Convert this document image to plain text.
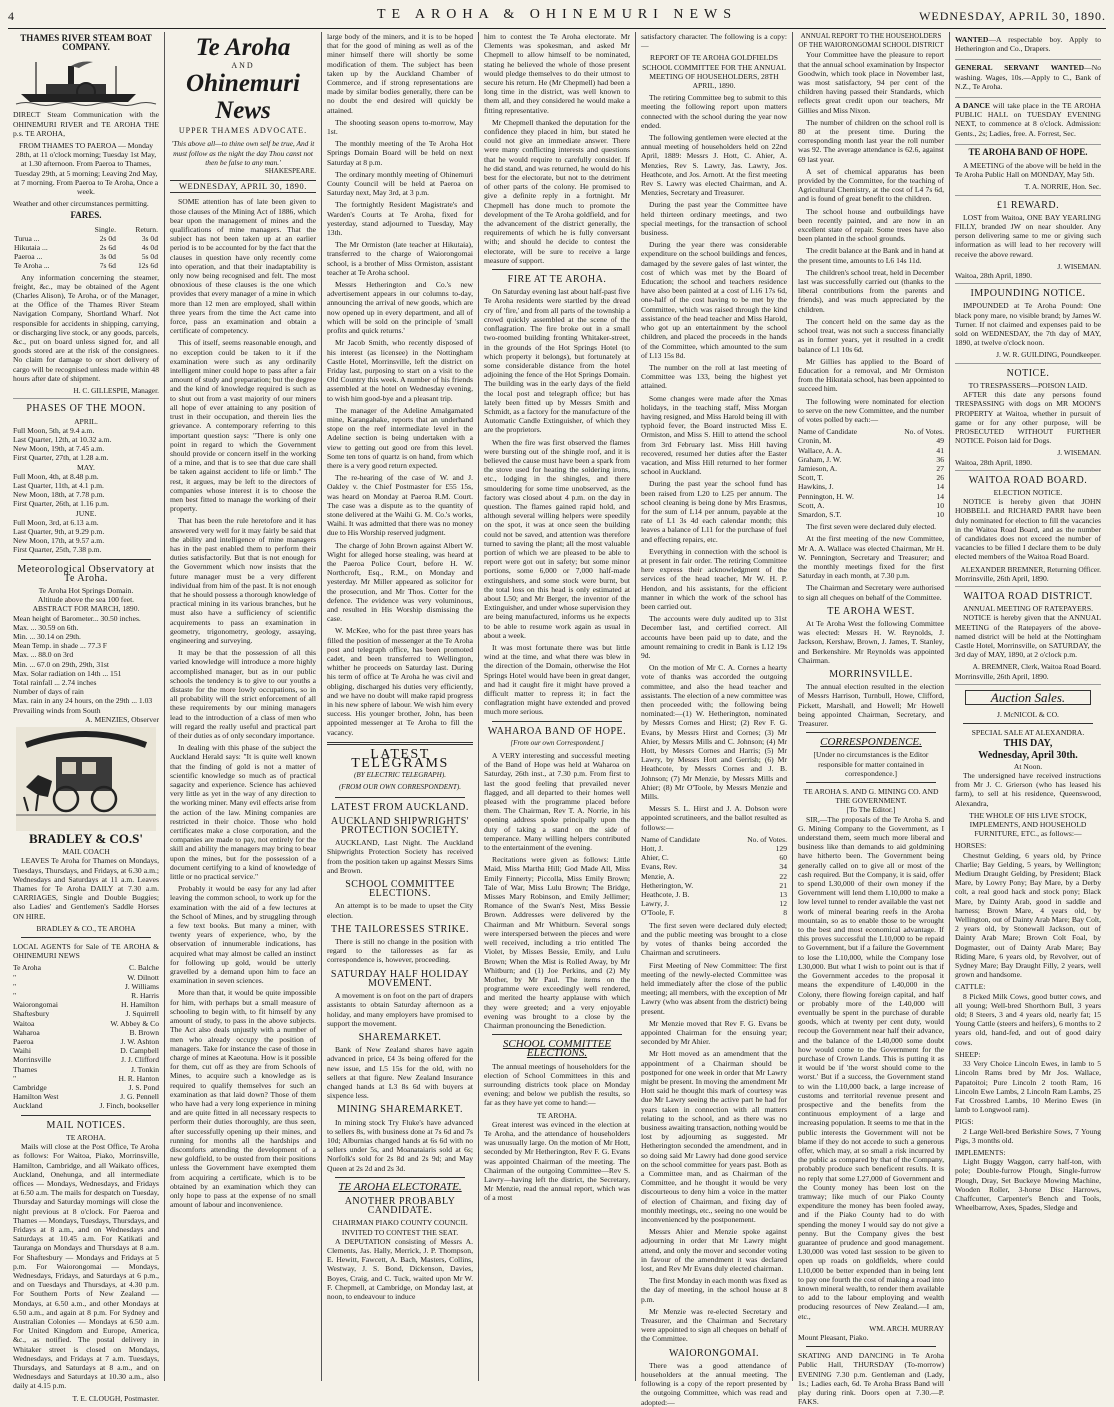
4	TE AROHA & OHINEMURI NEWS	WEDNESDAY, APRIL 30, 1890.
THAMES RIVER STEAM BOAT COMPANY.

DIRECT Steam Communication with the OHINEMURI RIVER and TE AROHA THE p.s. TE AROHA,

FROM THAMES TO PAEROA — Monday 28th, at 11 o'clock morning; Tuesday 1st May, at 1.30 afternoon. From Paeroa to Thames, Tuesday 29th, at 5 morning; Leaving 2nd May, at 7 morning. From Paeroa to Te Aroha, Once a week.

Weather and other circumstances permitting.

FARES.
	Single.	Return.
Turua ...	2s 0d	3s 0d
Hikutaia ...	2s 6d	4s 0d
Paeroa ...	3s 0d	5s 0d
Te Aroha ...	7s 6d	12s 6d

Any information concerning the steamer, freight, &c., may be obtained of the Agent (Charles Alison), Te Aroha, or of the Manager, at the Office of the Thames River Steam Navigation Company, Shortland Wharf. Not responsible for accidents in shipping, carrying, or discharging live stock, or any goods, parcels, &c., put on board unless signed for, and all goods stored are at the risk of the consignees. No claim for damage to or short delivery of cargo will be recognised unless made within 48 hours after date of shipment.

H. C. GILLESPIE, Manager.
PHASES OF THE MOON.
APRIL.
Full Moon, 5th, at 9.4 a.m.
Last Quarter, 12th, at 10.32 a.m.
New Moon, 19th, at 7.45 a.m.
First Quarter, 27th, at 1.28 a.m.
MAY.
Full Moon, 4th, at 8.48 p.m.
Last Quarter, 11th, at 4.1 p.m.
New Moon, 18th, at 7.78 p.m.
First Quarter, 26th, at 1.16 p.m.
JUNE.
Full Moon, 3rd, at 6.13 a.m.
Last Quarter, 9th, at 9.29 p.m.
New Moon, 17th, at 9.57 a.m.
First Quarter, 25th, 7.38 p.m.
Meteorological Observatory at Te Aroha.
Te Aroha Hot Springs Domain.
Altitude above the sea 100 feet.
ABSTRACT FOR MARCH, 1890.
Mean height of Barometer... 30.50 inches.
Max. ... 30.59 on 6th.
Min. ... 30.14 on 29th.
Mean Temp. in shade ... 77.3 F
Max. ... 88.0 on 3rd
Min. ... 67.0 on 29th, 29th, 31st
Max. Solar radiation on 14th ... 151
Total rainfall ... 2.74 inches
Number of days of rain
Max. rain in any 24 hours, on the 29th ... 1.03
Prevailing winds from South
A. MENZIES, Observer
BRADLEY & CO.S'
MAIL COACH

LEAVES Te Aroha for Thames on Mondays, Tuesdays, Thursdays, and Fridays, at 6.30 a.m.; Wednesdays and Saturdays at 11 a.m. Leaves Thames for Te Aroha DAILY at 7.30 a.m. CARRIAGES, Single and Double Buggies; also Ladies' and Gentlemen's Saddle Horses ON HIRE.

BRADLEY & CO., TE AROHA

LOCAL AGENTS for Sale of TE AROHA & OHINEMURI NEWS

Te Aroha	C. Balche
"	W. Dilnott
"	J. Williams
"	R. Harris
Waiorongomai	H. Hamilton
Shaftesbury	J. Squirrell
Waitoa	W. Abbey & Co
Waharoa	B. Brown
Paeroa	J. W. Ashton
Waihi	D. Campbell
Morrinsville	J. J. Clifford
Thames	J. Tonkin
"	H. R. Hanton
Cambridge	J. S. Pond
Hamilton West	J. G. Pennell
Auckland	J. Finch, bookseller
MAIL NOTICES.
TE AROHA.

Mails will close at the Post Office, Te Aroha as follows: For Waitoa, Piako, Morrinsville, Hamilton, Cambridge, and all Waikato offices, Auckland, Onehunga, and all intermediate offices — Mondays, Wednesdays, and Fridays at 6.50 a.m. The mails for despatch on Tuesday, Thursday and Saturday mornings will close the night previous at 8 o'clock. For Paeroa and Thames — Mondays, Tuesdays, Thursdays, and Fridays at 8 a.m., and on Wednesdays and Saturdays at 10.45 a.m. For Katikati and Tauranga on Mondays and Thursdays at 8 a.m. For Shaftesbury — Mondays and Fridays at 5 p.m. For Waiorongomai — Mondays, Wednesdays, Fridays, and Saturdays at 6 p.m., and on Tuesdays and Thursdays, at 4.30 p.m. For Southern Ports of New Zealand — Mondays, at 6.50 a.m., and other Mondays at 6.50 a.m., and again at 8 p.m. For Sydney and Australian Colonies — Mondays at 6.50 a.m. For United Kingdom and Europe, America, &c., as notified. The postal delivery in Whitaker street is closed on Mondays, Wednesdays, and Fridays at 7 a.m. Tuesdays, Thursdays, and Saturdays at 8 a.m., and on Wednesdays and Saturdays at 10.30 a.m., also daily at 4.15 p.m.

T. E. CLOUGH, Postmaster.
Te Aroha
AND
Ohinemuri News
UPPER THAMES ADVOCATE.
'This above all—to thine own self be true, And it must follow as the night the day Thou canst not then be false to any man.'
SHAKESPEARE.
WEDNESDAY, APRIL 30, 1890.

SOME attention has of late been given to those clauses of the Mining Act of 1886, which bear upon the management of mines and the qualifications of mine managers. That the subject has not been taken up at an earlier period is to be accounted for by the fact that the clauses in question have only recently come into operation, and that their inadaptability is only now being recognised and felt. The most obnoxious of these clauses is the one which provides that every manager of a mine in which more than 12 men are employed, shall within three years from the time the Act came into force, pass an examination and obtain a certificate of competency.

This of itself, seems reasonable enough, and no exception could be taken to it if the examination were such as any ordinarily intelligent miner could hope to pass after a fair amount of study and preparation; but the degree and the kind of knowledge required is such as to shut out from a vast majority of our miners all hope of ever attaining to any position of trust in their occupation, and therein lies the grievance. A contemporary referring to this important question says: "There is only one point in regard to which the Government should provide or concern itself in the working of a mine, and that is to see that due care shall be taken against accident to life or limb." The rest, it argues, may be left to the directors of companies whose interest it is to choose the men best fitted to manage the working of their property.

That has been the rule heretofore and it has answered very well for it may fairly be said that the ability and intelligence of mine managers has in the past enabled them to perform their duties satisfactorily. But that is not enough for the Government which now insists that the future manager must be a very different individual from him of the past. It is not enough that he should possess a thorough knowledge of practical mining in its various branches, but he must also have a sufficiency of scientific acquirements to pass an examination in geometry, trigonometry, geology, assaying, engineering and surveying.

It may be that the possession of all this varied knowledge will introduce a more highly accomplished manager, but as in our public schools the tendency is to give to our youths a distaste for the more lowly occupations, so in all probability will the strict enforcement of all these requirements by our mining managers lead to the introduction of a class of men who will regard the really useful and practical part of their duties as of only secondary importance.

In dealing with this phase of the subject the Auckland Herald says: "It is quite well known that the finding of gold is not a matter of scientific knowledge so much as of practical sagacity and experience. Science has achieved very little as yet in the way of any direction to the working miner. Many evil effects arise from the action of the law. Mining companies are restricted in their choice. Those who hold certificates make a close corporation, and the companies are made to pay, not entirely for the skill and ability the managers may bring to bear upon the mines, but for the possession of a document certifying to a kind of knowledge of little or no practical service."

Probably it would be easy for any lad after leaving the common school, to work up for the examination with the aid of a few lectures at the School of Mines, and by struggling through a few text books. But many a miner, with twenty years of experience, who, by the observation of innumerable indications, has acquired what may almost be called an instinct for following up gold, would be utterly gravelled by a demand upon him to face an examination in seven sciences.

More than that, it would be quite impossible for him, with perhaps but a small measure of schooling to begin with, to fit himself by any amount of study, to pass in the above subjects. The Act also deals unjustly with a number of men who already occupy the position of managers. Take for instance the case of those in charge of mines at Kaeotuna. How is it possible for them, cut off as they are from Schools of Mines, to acquire such a knowledge as is required to qualify themselves for such an examination as that laid down? Those of them who have had a very long experience in mining and are quite fitted in all necessary respects to perform their duties thoroughly, are thus seen, after successfully opening up their mines, and running for months all the hardships and discomforts attending the development of a new goldfield, to be ousted from their positions unless the Government have exempted them from acquiring a certificate, which is to be obtained by an examination which they can only hope to pass at the expense of no small amount of labour and inconvenience.

large body of the miners, and it is to be hoped that for the good of mining as well as of the miner himself there will shortly be some modification of them. The subject has been taken up by the Auckland Chamber of Commerce, and if strong representations are made by similar bodies generally, there can be no doubt the end desired will quickly be attained.

The shooting season opens to-morrow, May 1st.

The monthly meeting of the Te Aroha Hot Springs Domain Board will be held on next Saturday at 8 p.m.

The ordinary monthly meeting of Ohinemuri County Council will be held at Paeroa on Saturday next, May 3rd, at 3 p.m.

The fortnightly Resident Magistrate's and Warden's Courts at Te Aroha, fixed for yesterday, stand adjourned to Tuesday, May 13th.

The Mr Ormiston (late teacher at Hikutaia), transferred to the charge of Waiorongomai school, is a brother of Miss Ormiston, assistant teacher at Te Aroha school.

Messrs Hetherington and Co.'s new advertisement appears in our columns to-day, announcing the arrival of new goods, which are now opened up in every department, and all of which will be sold on the principle of 'small profits and quick returns.'

Mr Jacob Smith, who recently disposed of his interest (as licensee) in the Nottingham Castle Hotel, Morrinsville, left the district on Friday last, purposing to start on a visit to the Old Country this week. A number of his friends assembled at the hotel on Wednesday evening, to wish him good-bye and a pleasant trip.

The manager of the Adeline Amalgamated mine, Karangahake, reports that an underhand stope on the reef intermediate level in the Adeline section is being undertaken with a view to getting out good ore from this level. Some ten tons of quartz is on hand, from which there is a very good return expected.

The re-hearing of the case of W. and J. Oakley v. the Chief Postmaster for £55 15s, was heard on Monday at Paeroa R.M. Court. The case was a dispute as to the quantity of stone delivered at the Waihi G. M. Co.'s works, Waihi. It was admitted that there was no money due to His Worship reserved judgment.

The charge of John Brown against Albert W. Wight for alleged horse stealing, was heard at the Paeroa Police Court, before H. W. Northcroft, Esq., R.M., on Monday and yesterday. Mr Miller appeared as solicitor for the prosecution, and Mr Thos. Cotter for the defence. The evidence was very voluminous, and resulted in His Worship dismissing the case.

W. McKee, who for the past three years has filled the position of messenger at the Te Aroha post and telegraph office, has been promoted cadet, and been transferred to Wellington, whither he proceeds on Saturday last. During his term of office at Te Aroha he was civil and obliging, discharged his duties very efficiently, and we have no doubt will make rapid progress in his new sphere of labour. We wish him every success. His younger brother, John, has been appointed messenger at Te Aroha to fill the vacancy.

LATEST TELEGRAMS
(BY ELECTRIC TELEGRAPH).
(FROM OUR OWN CORRESPONDENT).
LATEST FROM AUCKLAND.
AUCKLAND SHIPWRIGHTS' PROTECTION SOCIETY.

AUCKLAND, Last Night. The Auckland Shipwrights Protection Society has received from the position taken up against Messrs Sims and Brown.

SCHOOL COMMITTEE ELECTIONS.

An attempt is to be made to upset the City election.

THE TAILORESSES STRIKE.

There is still no change in the position with regard to the tailoresses as far as correspondence is, however, proceeding.

SATURDAY HALF HOLIDAY MOVEMENT.

A movement is on foot on the part of drapers assistants to obtain Saturday afternoon as a holiday, and many employers have promised to support the movement.

SHAREMARKET.

Bank of New Zealand shares have again advanced in price, £4 3s being offered for the new issue, and L5 15s for the old, with no sellers at that figure. New Zealand Insurance changed hands at L3 8s 6d with buyers at sixpence less.

MINING SHAREMARKET.

In mining stock Try Fluke's have advanced to sellers 8s, with business done at 7s 6d and 7s 10d; Alburnias changed hands at 6s 6d with no sellers under 5s, and Moanataiaris sold at 6s; Norfolk's sold for 2s 8d and 2s 9d; and May Queen at 2s 2d and 2s 3d.

TE AROHA ELECTORATE.
ANOTHER PROBABLY CANDIDATE.
CHAIRMAN PIAKO COUNTY COUNCIL INVITED TO CONTEST THE SEAT.

A DEPUTATION consisting of Messrs A. Clements, Jas. Hally, Merrick, J. P. Thompson, E. Hewitt, Fawcett, A. Bach, Masters, Collins, Westway, J. S. Bond, Dickenson, Davies, Boyes, Craig, and C. Tuck, waited upon Mr W. F. Chepmell, at Cambridge, on Monday last, at noon, to endeavour to induce

him to contest the Te Aroha electorate. Mr Clements was spokesman, and asked Mr Chepmell to allow himself to be nominated, stating he believed the whole of those present would pledge themselves to do their utmost to secure his return. He (Mr Chepmell) had been a long time in the district, was well known to them all, and they considered he would make a fitting representative.

Mr Chepmell thanked the deputation for the confidence they placed in him, but stated he could not give an immediate answer. There were many conflicting interests and questions that he would require to carefully consider. If he did stand, and was returned, he would do his best for the electorate, but not to the detriment of other parts of the colony. He promised to give a definite reply in a fortnight. Mr Chepmell has done much to promote the development of the Te Aroha goldfield, and for the advancement of the district generally, the requirements of which he is fully conversant with; and should he decide to contest the electorate, will be sure to receive a large measure of support.

FIRE AT TE AROHA.

On Saturday evening last about half-past five Te Aroha residents were startled by the dread cry of 'fire,' and from all parts of the township a crowd quickly assembled at the scene of the conflagration. The fire broke out in a small two-roomed building fronting Whitaker-street, in the grounds of the Hot Springs Hotel (to which property it belongs), but fortunately at some considerable distance from the hotel adjoining the fence of the Hot Springs Domain. The building was in the early days of the field the local post and telegraph office; but has lately been fitted up by Messrs Smith and Schmidt, as a factory for the manufacture of the Automatic Candle Extinguisher, of which they are the proprietors.

When the fire was first observed the flames were bursting out of the shingle roof, and it is believed the cause must have been a spark from the stove used for heating the soldering irons, etc., lodging in the shingles, and there smouldering for some time unobserved, as the factory was closed about 4 p.m. on the day in question. The flames gained rapid hold, and although several willing helpers were speedily on the spot, it was at once seen the building could not be saved, and attention was therefore turned to saving the plant; all the most valuable portion of which we are pleased to be able to report were got out in safety; but some minor portions, some 6,000 or 7,000 half-made extinguishers, and some stock were burnt, but the total loss on this head is only estimated at about L50; and Mr Berger, the inventor of the Extinguisher, and under whose supervision they are being manufactured, informs us he expects to be able to resume work again as usual in about a week.

It was most fortunate there was but little wind at the time, and what there was blew in the direction of the Domain, otherwise the Hot Springs Hotel would have been in great danger, and had it caught fire it might have proved a difficult matter to repress it; in fact the conflagration might have extended and proved much more serious.

WAHAROA BAND OF HOPE.
[From our own Correspondent.]

A VERY interesting and successful meeting of the Band of Hope was held at Waharoa on Saturday, 26th inst., at 7.30 p.m. From first to last the good feeling that prevailed never flagged, and all departed to their homes well pleased with the programme placed before them. The Chairman, Rev T. A. Norrie, in his opening address spoke principally upon the duty of taking a stand on the side of temperance. Many willing helpers contributed to the entertainment of the evening.

Recitations were given as follows: Little Maid, Miss Martha Hill; God Made All, Miss Emily Finnerty; Piccolla, Miss Emily Brown; Tale of War, Miss Lulu Brown; The Bridge, Misses Mary Robinson, and Emily Jellimer; Romance of the Swan's Nest, Miss Bessie Brown. Addresses were delivered by the Chairman and Mr Whitburn. Several songs were interspersed between the pieces and were well received, including a trio entitled The Violet, by Misses Bessie, Emily, and Lulu Brown; When the Mist is Rolled Away, by Mr Whitburn; and (1) Joe Perkins, and (2) My Mother, by Mr Paul. The items on the programme were exceedingly well rendered, and merited the hearty applause with which they were greeted; and a very enjoyable evening was brought to a close by the Chairman pronouncing the Benediction.

SCHOOL COMMITTEE ELECTIONS.

The annual meetings of householders for the election of School Committees in this and surrounding districts took place on Monday evening; and below we publish the results, so far as they have yet come to hand:—

TE AROHA.

Great interest was evinced in the election at Te Aroha, and the attendance of householders was unusually large. On the motion of Mr Hott, seconded by Mr Hetherington, Rev F. G. Evans was appointed Chairman of the meeting. The Chairman of the outgoing Committee—Rev S. Lawry—having left the district, the Secretary, Mr Menzie, read the annual report, which was of a most

satisfactory character. The following is a copy:—

REPORT OF TE AROHA GOLDFIELDS SCHOOL COMMITTEE FOR THE ANNUAL MEETING OF HOUSEHOLDERS, 28TH APRIL, 1890.

The retiring Committee beg to submit to this meeting the following report upon matters connected with the school during the year now ended.

The following gentlemen were elected at the annual meeting of householders held on 22nd April, 1889: Messrs J. Hott, C. Ahier, A. Menzies, Rev S. Lawry, Jas. Lawry, Jos. Heathcote, and Jos. Arnott. At the first meeting Rev S. Lawry was elected Chairman, and A. Menzies, Secretary and Treasurer.

During the past year the Committee have held thirteen ordinary meetings, and two special meetings, for the transaction of school business.

During the year there was considerable expenditure on the school buildings and fences, damaged by the severe gales of last winter, the cost of which was met by the Board of Education; the school and teachers residence have also been painted at a cost of L16 17s 6d, one-half of the cost having to be met by the Committee, which was raised through the kind assistance of the head teacher and Miss Harold, who got up an entertainment by the school children, and placed the proceeds in the hands of the Committee, which amounted to the sum of L13 15s 8d.

The number on the roll at last meeting of Committee was 133, being the highest yet attained.

Some changes were made after the Xmas holidays, in the teaching staff, Miss Morgan having resigned, and Miss Harold being ill with typhoid fever, the Board instructed Miss E. Ormiston, and Miss S. Hill to attend the school from 3rd February last. Miss Hill having recovered, resumed her duties after the Easter vacation, and Miss Hill returned to her former school in Auckland.

During the past year the school fund has been raised from L20 to L25 per annum. The school cleaning is being done by Mrs Erasmus, for the sum of L14 per annum, payable at the rate of L1 3s 4d each calendar month; this leaves a balance of L11 for the purchase of fuel and effecting repairs, etc.

Everything in connection with the school is at present in fair order. The retiring Committee here express their acknowledgment of the services of the head teacher, Mr W. H. P. Hendon, and his assistants, for the efficient manner in which the work of the school has been carried out.

The accounts were duly audited up to 31st December last, and certified correct. All accounts have been paid up to date, and the amount remaining to credit in Bank is L12 19s 9d.

On the motion of Mr C. A. Cornes a hearty vote of thanks was accorded the outgoing committee, and also the head teacher and assistants. The election of a new committee was then proceeded with; the following being nominated:—(1) W. Hetherington, nominated by Messrs Cornes and Hirst; (2) Rev F. G. Evans, by Messrs Hirst and Cornes; (3) Mr Ahier, by Messrs Mills and C. Johnson; (4) Mr Hott, by Messrs Cornes and Harris; (5) Mr Lawry, by Messrs Hott and Gerrish; (6) Mr Heathcote, by Messrs Cornes and J. B. Johnson; (7) Mr Menzie, by Messrs Mills and Ahier; (8) Mr O'Toole, by Messrs Menzie and Mills.

Messrs S. L. Hirst and J. A. Dobson were appointed scrutineers, and the ballot resulted as follows:—

Name of Candidate	No. of Votes.
Hott, J.	129
Ahier, C.	60
Evans, Rev.	34
Menzie, A.	22
Hetherington, W.	21
Heathcote, J. B.	13
Lawry, J.	12
O'Toole, F.	8

The first seven were declared duly elected; and the public meeting was brought to a close by votes of thanks being accorded the Chairman and scrutineers.

First Meeting of New Committee: The first meeting of the newly-elected Committee was held immediately after the close of the public meeting; all members, with the exception of Mr Lawry (who was absent from the district) being present.

Mr Menzie moved that Rev F. G. Evans be appointed Chairman for the ensuing year; seconded by Mr Ahier.

Mr Hott moved as an amendment that the appointment of a Chairman should be postponed for one week in order that Mr Lawry might be present. In moving the amendment Mr Hott said he thought this mark of courtesy was due Mr Lawry seeing the active part he had for years taken in connection with all matters relating to the school, and as there was no business awaiting transaction, nothing would be lost by adjourning as suggested. Mr Hetherington seconded the amendment, and in so doing said Mr Lawry had done good service on the school committee for years past. Both as a Committee man, and as Chairman of the Committee, and he thought it would be very discourteous to deny him a voice in the matter of election of Chairman, and fixing day of monthly meetings, etc., seeing no one would be inconvenienced by the postponement.

Messrs Ahier and Menzie spoke against adjourning in order that Mr Lawry might attend, and only the mover and seconder voting in favour of the amendment it was declared lost, and Rev Mr Evans duly elected chairman.

The first Monday in each month was fixed as the day of meeting, in the school house at 8 p.m.

Mr Menzie was re-elected Secretary and Treasurer, and the Chairman and Secretary were appointed to sign all cheques on behalf of the Committee.

WAIORONGOMAI.

There was a good attendance of householders at the annual meeting. The following is a copy of the report presented by the outgoing Committee, which was read and adopted:—

ANNUAL REPORT TO THE HOUSEHOLDERS OF THE WAIORONGOMAI SCHOOL DISTRICT

Your Committee have the pleasure to report that the annual school examination by Inspector Goodwin, which took place in November last, was most satisfactory, 94 per cent of the children having passed their Standards, which reflects great credit upon our teachers, Mr Gillies and Miss Nixon.

The number of children on the school roll is 80 at the present time. During the corresponding month last year the roll number was 92. The average attendance is 62.6, against 69 last year.

A set of chemical apparatus has been provided by the Committee, for the teaching of Agricultural Chemistry, at the cost of L4 7s 6d, and is found of great benefit to the children.

The school house and outbuildings have been recently painted, and are now in an excellent state of repair. Some trees have also been planted in the school grounds.

The credit balance at the Bank and in hand at the present time, amounts to L6 14s 11d.

The children's school treat, held in December last was successfully carried out (thanks to the liberal contributions from the parents and friends), and was much appreciated by the children.

The concert held on the same day as the school treat, was not such a success financially as in former years, yet it resulted in a credit balance of L1 10s 6d.

Mr Gillies has applied to the Board of Education for a removal, and Mr Ormiston from the Hikutaia school, has been appointed to succeed him.

The following were nominated for election to serve on the new Committee, and the number of votes polled by each:—

Name of Candidate	No. of Votes.
Cronin, M.	49
Wallace, A. A.	41
Graham, J. W.	36
Jamieson, A.	27
Scott, T.	26
Hawkins, J.	14
Pennington, H. W.	14
Scott, A.	10
Smardon, S.T.	10

The first seven were declared duly elected.

At the first meeting of the new Committee, Mr A. A. Wallace was elected Chairman, Mr H. W. Pennington, Secretary and Treasurer; and the monthly meetings fixed for the first Saturday in each month, at 7.30 p.m.

The Chairman and Secretary were authorised to sign all cheques on behalf of the Committee.

TE AROHA WEST.

At Te Aroha West the following Committee was elected: Messrs H. W. Reynolds, J. Jackson, Kershaw, Brown, J. James, T. Stanley, and Berkenshire. Mr Reynolds was appointed Chairman.

MORRINSVILLE.

The annual election resulted in the election of Messrs Harrison, Turnbull, Howe, Clifford, Pickett, Marshall, and Howell; Mr Howell being appointed Chairman, Secretary, and Treasurer.

CORRESPONDENCE.
[Under no circumstances is the Editor responsible for matter contained in correspondence.]
TE AROHA S. AND G. MINING CO. AND THE GOVERNMENT.
[To The Editor.]

SIR,—The proposals of the Te Aroha S. and G. Mining Company to the Government, as I understand them, seem much more liberal and business like than demands to aid goldmining have hitherto been. The Government being generally called on to give all or most of the cash required. But the Company, it is said, offer to spend L30,000 of their own money if the Government will lend them L10,000 to make a low level tunnel to render available the vast net work of mineral bearing reefs in the Aroha mountain, so as to enable those to be wrought to the best and most economical advantage. If this proves successful the L10,000 to be repaid to Government, but if a failure the Government to lose the L10,000, while the Company lose L30,000. But what I wish to point out is that if the Government accedes to the proposal it means the expenditure of L40,000 in the Colony, there flowing foreign capital, and half or probably more of the L40,000 will eventually be spent in the purchase of durable goods, which at twenty per cent duty, would recoup the Government near half their advance, and the balance of the L40,000 some doubt how would come to the Government for the purchase of Crown Lands. This is putting it as it would be if 'the worst should come to the worst.' But if a success, the Government stand to win the L10,000 back, a large increase of customs and territorial revenue present and prospective and the benefits from the continuous employment of a large and increasing population. It seems to me that in the public interests the Government will not be blame if they do not accede to such a generous offer, which may, at so small a risk incurred by the public as compared by that of the Company, probably produce such beneficent results. It is no reply that some L27,000 of Government and the County money has been lost on the tramway; like much of our Piako County expenditure the money has been fooled away, and if the Piako County had to do with spending the money I would say do not give a penny. But the Company gives the best guarantee of prudence and good management. L30,000 was voted last session to be given to open up roads on goldfields, where could L10,000 be better expended than in being lent to pay one fourth the cost of making a road into known mineral wealth, to render them available to add to the labour employing and wealth producing resources of New Zealand.—I am, etc.,

WM. ARCH. MURRAY
Mount Pleasant, Piako.

SKATING AND DANCING in Te Aroha Public Hall, THURSDAY (To-morrow) EVENING 7.30 p.m. Gentleman and (Lady, 1s.; Ladies each, 6d. Te Aroha Brass Band will play during rink. Doors open at 7.30.—P. FAKS.

WANTED—A respectable boy. Apply to Hetherington and Co., Drapers.

GENERAL SERVANT WANTED—No washing. Wages, 10s.—Apply to C., Bank of N.Z., Te Aroha.

A DANCE will take place in the TE AROHA PUBLIC HALL on TUESDAY EVENING NEXT, to commence at 8 o'clock. Admission: Gents., 2s; Ladies, free. A. Forrest, Sec.

TE AROHA BAND OF HOPE.

A MEETING of the above will be held in the Te Aroha Public Hall on MONDAY, May 5th.

T. A. NORRIE, Hon. Sec.
£1 REWARD.

LOST from Waitoa, ONE BAY YEARLING FILLY, branded JW on near shoulder. Any person delivering same to me or giving such information as will lead to her recovery will receive the above reward.

J. WISEMAN.
Waitoa, 28th April, 1890.
IMPOUNDING NOTICE.

IMPOUNDED at Te Aroha Pound: One black pony mare, no visible brand; by James W. Turner. If not claimed and expenses paid to be sold on WEDNESDAY, the 7th day of MAY, 1890, at twelve o'clock noon.

J. W. R. GUILDING, Poundkeeper.
NOTICE.
TO TRESPASSERS—POISON LAID.

AFTER this date any persons found TRESPASSING with dogs on MR MOON'S PROPERTY at Waitoa, whether in pursuit of game or for any other purpose, will be PROSECUTED WITHOUT FURTHER NOTICE. Poison laid for Dogs.

J. WISEMAN.
Waitoa, 28th April, 1890.
WAITOA ROAD BOARD.
ELECTION NOTICE.

NOTICE is hereby given that JOHN HOBBELL and RICHARD PARR have been duly nominated for election to fill the vacancies in the Waitoa Road Board, and as the number of candidates does not exceed the number of vacancies to be filled I declare them to be duly elected members of the Waitoa Road Board.

ALEXANDER BREMNER, Returning Officer.
Morrinsville, 26th April, 1890.
WAITOA ROAD DISTRICT.
ANNUAL MEETING OF RATEPAYERS.

NOTICE is hereby given that the ANNUAL MEETING of the Ratepayers of the above-named district will be held at the Nottingham Castle Hotel, Morrinsville, on SATURDAY, the 3rd day of MAY, 1890, at 2 o'clock p.m.

A. BREMNER, Clerk, Waitoa Road Board.
Morrinsville, 26th April, 1890.
Auction Sales.
J. McNICOL & CO.
SPECIAL SALE AT ALEXANDRA.
THIS DAY,
Wednesday, April 30th.
At Noon.

The undersigned have received instructions from Mr J. C. Grierson (who has leased his farm), to sell at his residence, Queenswood, Alexandra,

THE WHOLE OF HIS LIVE STOCK, IMPLEMENTS, AND HOUSEHOLD FURNITURE, ETC., as follows:—

HORSES:

Chestnut Gelding, 6 years old, by Prince Charlie; Bay Gelding, 5 years, by Wellington; Medium Draught Gelding, by President; Black Mare, by Lowry Pony; Bay Mare, by a Derby colt, a real good hack and stock pony; Black Mare, by Dainty Arab, good in saddle and harness; Brown Mare, 4 years old, by Wellington, out of Dainty Arab Mare; Bay Colt, 2 years old, by Stonewall Jackson, out of Dainty Arab Mare; Brown Colt Foal, by Dogmaster, out of Dainty Arab Mare; Bay Riding Mare, 6 years old, by Revolver, out of Sydney Mare; Bay Draught Filly, 2 years, well grown and handsome.

CATTLE:

8 Picked Milk Cows, good butter cows, and all young; Well-bred Shorthorn Bull, 3 years old; 8 Steers, 3 and 4 years old, nearly fat; 15 Young Cattle (steers and heifers), 6 months to 2 years old, hand-fed, and out of good dairy cows.

SHEEP:

33 Very Choice Lincoln Ewes, in lamb to 5 Lincoln Rams bred by Mr Jos. Wallace, Papatoitoi; Pure Lincoln 2 tooth Ram, 16 Lincoln Ewe Lambs, 2 Lincoln Ram Lambs, 25 Fat Crossbred Lambs, 10 Merino Ewes (in lamb to Longwool ram).

PIGS:

2 Large Well-bred Berkshire Sows, 7 Young Pigs, 3 months old.

IMPLEMENTS:

Light Buggy Waggon, carry half-ton, with pole; Double-furrow Plough, Single-furrow Plough, Dray, Set Buckeye Mowing Machine, Wooden Roller, 3-horse Disc Harrows, Chaffcutter, Carpenter's Bench and Tools, Wheelbarrow, Axes, Spades, Sledge and
